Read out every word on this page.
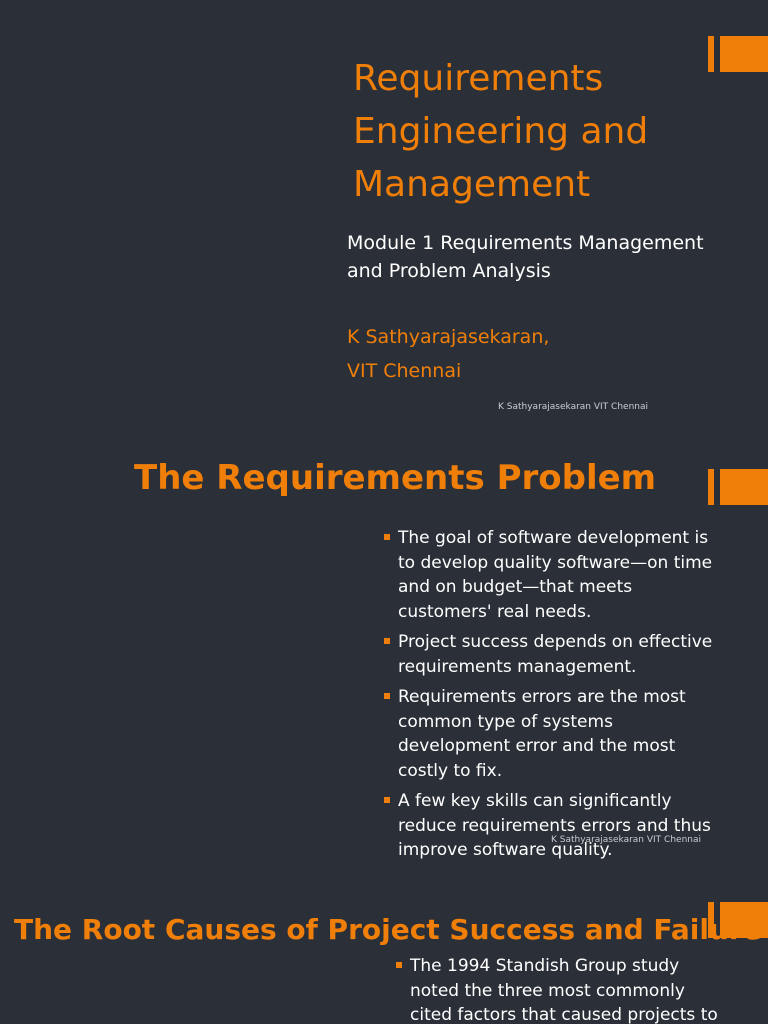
Requirements
Engineering and
Management
Module 1 Requirements Management
and Problem Analysis
K Sathyarajasekaran,
VIT Chennai
K Sathyarajasekaran VIT Chennai
The Requirements Problem
The goal of software development is to develop quality software—on time and on budget—that meets customers' real needs.
Project success depends on effective requirements management.
Requirements errors are the most common type of systems development error and the most costly to fix.
A few key skills can significantly reduce requirements errors and thus improve software quality.
K Sathyarajasekaran VIT Chennai
The Root Causes of Project Success and Failure
The 1994 Standish Group study noted the three most commonly cited factors that caused projects to
